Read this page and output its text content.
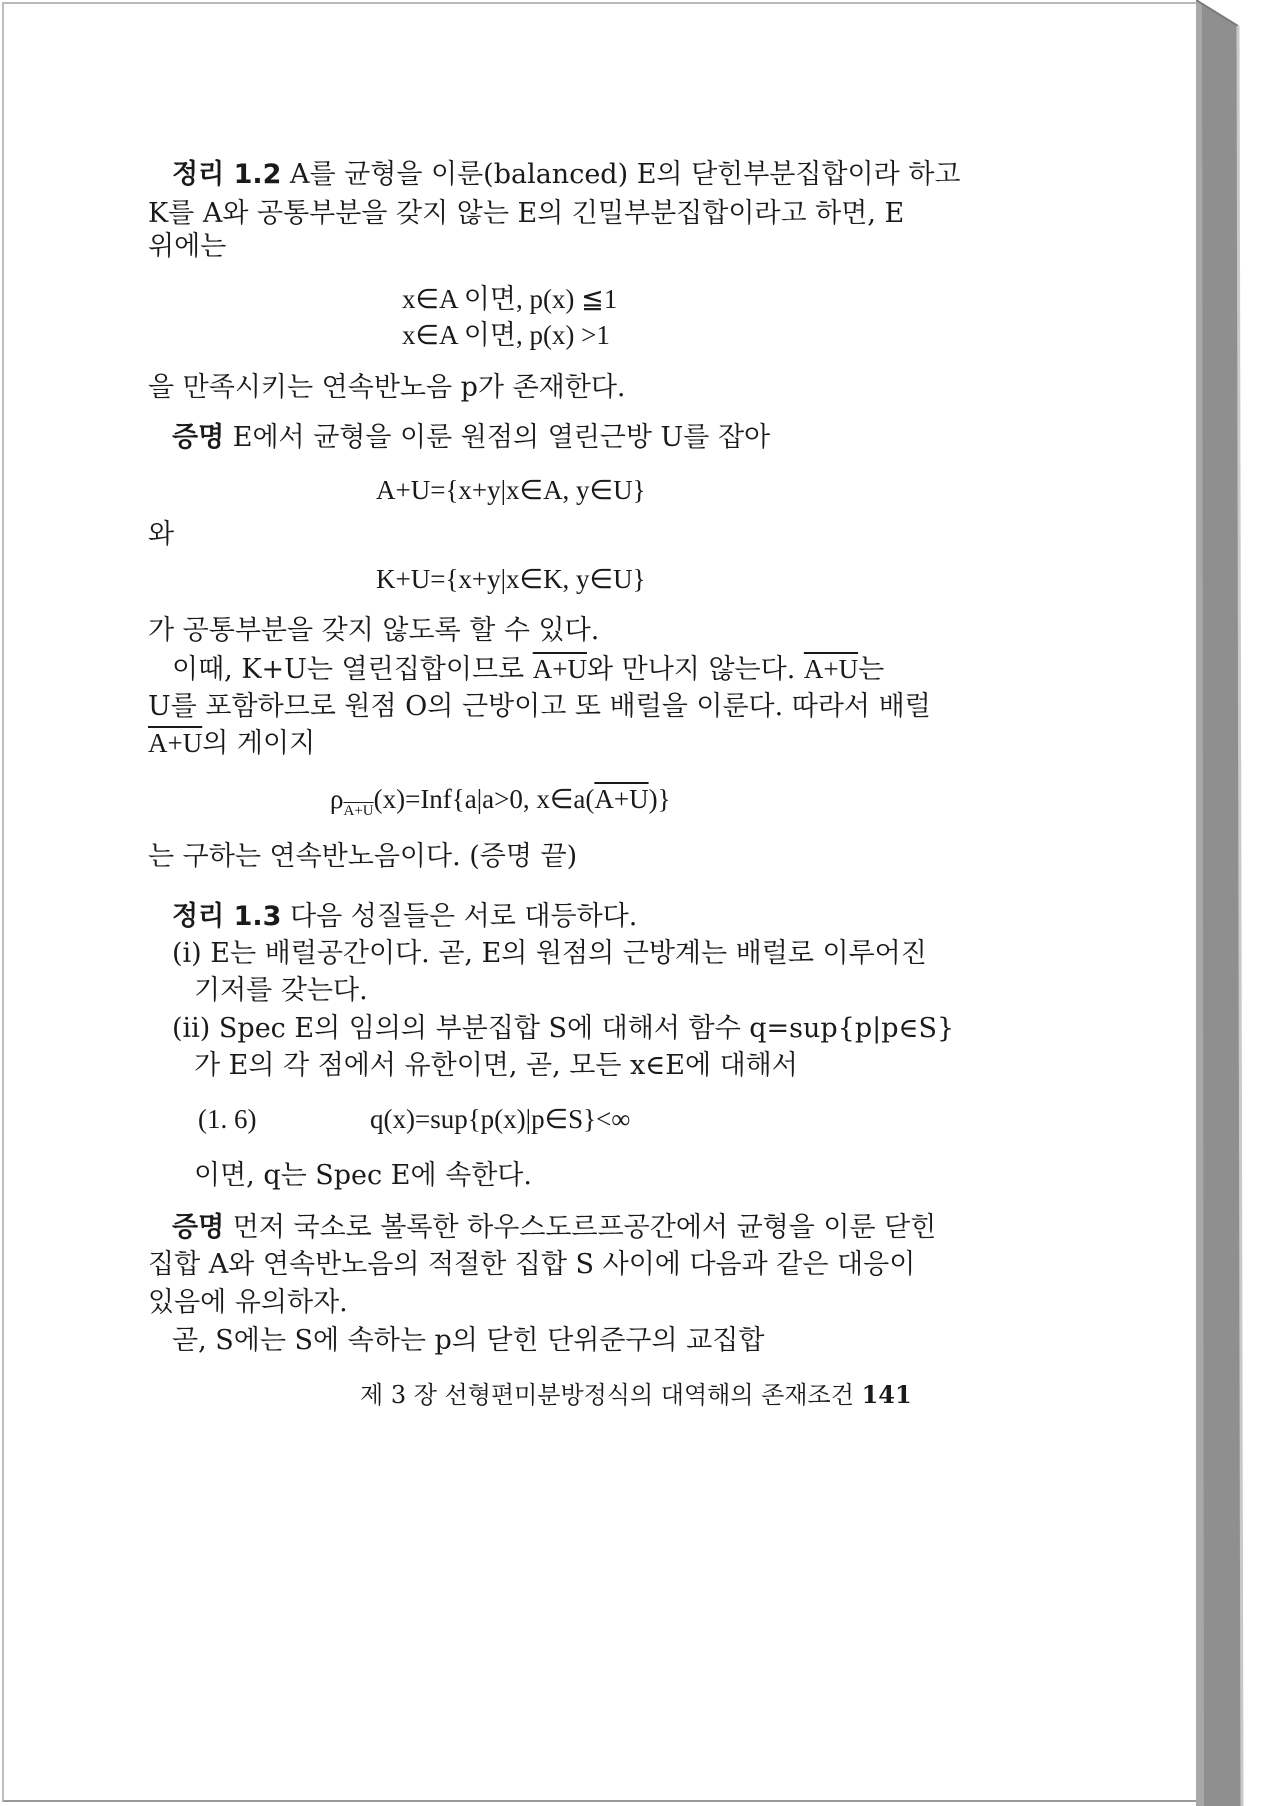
정리 1.2 A를 균형을 이룬(balanced) E의 닫힌부분집합이라 하고
K를 A와 공통부분을 갖지 않는 E의 긴밀부분집합이라고 하면, E
위에는
x∈A 이면, p(x) ≦1
x∈A 이면, p(x) >1
을 만족시키는 연속반노음 p가 존재한다.
증명 E에서 균형을 이룬 원점의 열린근방 U를 잡아
A+U={x+y|x∈A, y∈U}
와
K+U={x+y|x∈K, y∈U}
가 공통부분을 갖지 않도록 할 수 있다.
이때, K+U는 열린집합이므로 A+U와 만나지 않는다. A+U는
U를 포함하므로 원점 O의 근방이고 또 배럴을 이룬다. 따라서 배럴
A+U의 게이지
$\rho_{A+U}(x)=Inf\{a|a>0$, x∈a(A+U)}
는 구하는 연속반노음이다. (증명 끝)
정리 1.3 다음 성질들은 서로 대등하다.
(i) E는 배럴공간이다. 곧, E의 원점의 근방계는 배럴로 이루어진
기저를 갖는다.
(ii) Spec E의 임의의 부분집합 S에 대해서 함수 q=sup{p|p∈S}
가 E의 각 점에서 유한이면, 곧, 모든 x∈E에 대해서
(1. 6)	q(x)=sup{p(x)|p∈S}<∞
이면, q는 Spec E에 속한다.
증명 먼저 국소로 볼록한 하우스도르프공간에서 균형을 이룬 닫힌
집합 A와 연속반노음의 적절한 집합 S 사이에 다음과 같은 대응이
있음에 유의하자.
곧, S에는 S에 속하는 p의 닫힌 단위준구의 교집합
제 3 장 선형편미분방정식의 대역해의 존재조건 141
